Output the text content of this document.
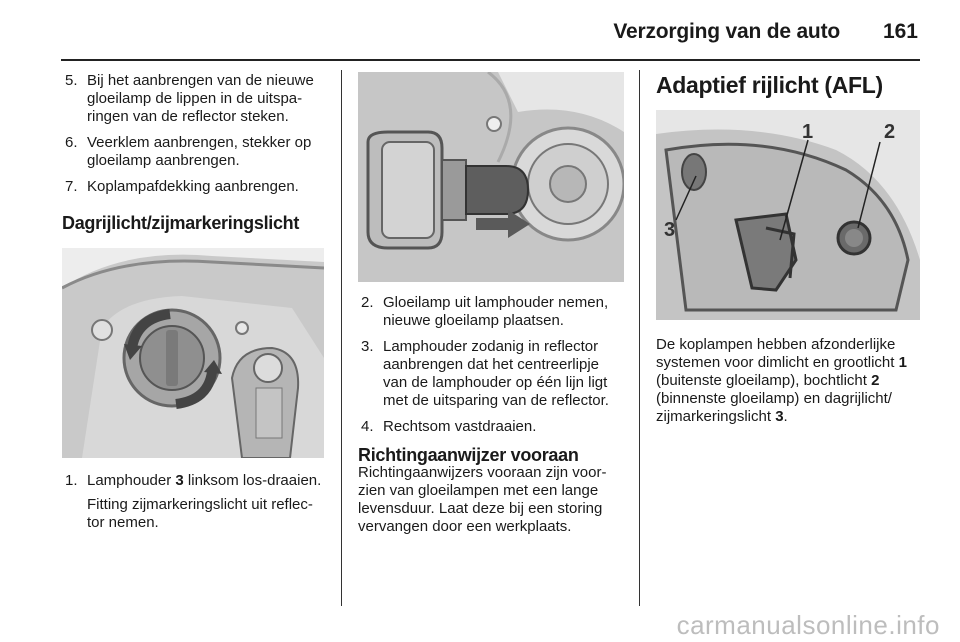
Verzorging van de auto 161
5. Bij het aanbrengen van de nieuwe gloeilamp de lippen in de uitspa-ringen van de reflector steken.
6. Veerklem aanbrengen, stekker op gloeilamp aanbrengen.
7. Koplampafdekking aanbrengen.
Dagrijlicht/zijmarkeringslicht
1. Lamphouder 3 linksom los-draaien.
Fitting zijmarkeringslicht uit reflec-tor nemen.
2. Gloeilamp uit lamphouder nemen, nieuwe gloeilamp plaatsen.
3. Lamphouder zodanig in reflector aanbrengen dat het centreerlipje van de lamphouder op één lijn ligt met de uitsparing van de reflector.
4. Rechtsom vastdraaien.
Richtingaanwijzer vooraan

Richtingaanwijzers vooraan zijn voor-zien van gloeilampen met een lange levensduur. Laat deze bij een storing vervangen door een werkplaats.

Adaptief rijlicht (AFL)
1	2
3

De koplampen hebben afzonderlijke systemen voor dimlicht en grootlicht 1 (buitenste gloeilamp), bochtlicht 2 (binnenste gloeilamp) en dagrijlicht/ zijmarkeringslicht 3.

carmanualsonline.info
